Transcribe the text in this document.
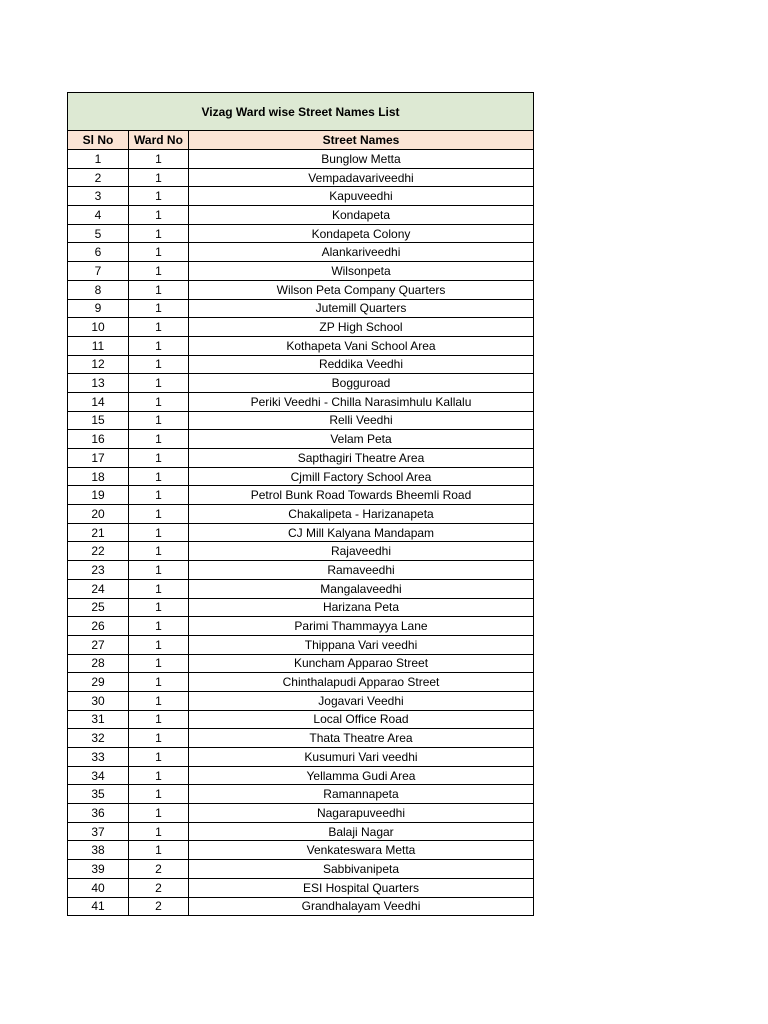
Vizag Ward wise Street Names List		
Sl No	Ward No	Street Names
1	1	Bunglow Metta
2	1	Vempadavariveedhi
3	1	Kapuveedhi
4	1	Kondapeta
5	1	Kondapeta Colony
6	1	Alankariveedhi
7	1	Wilsonpeta
8	1	Wilson Peta Company Quarters
9	1	Jutemill Quarters
10	1	ZP High School
11	1	Kothapeta Vani School Area
12	1	Reddika Veedhi
13	1	Bogguroad
14	1	Periki Veedhi - Chilla Narasimhulu Kallalu
15	1	Relli Veedhi
16	1	Velam Peta
17	1	Sapthagiri Theatre Area
18	1	Cjmill Factory School Area
19	1	Petrol Bunk Road Towards Bheemli Road
20	1	Chakalipeta - Harizanapeta
21	1	CJ Mill Kalyana Mandapam
22	1	Rajaveedhi
23	1	Ramaveedhi
24	1	Mangalaveedhi
25	1	Harizana Peta
26	1	Parimi Thammayya Lane
27	1	Thippana Vari veedhi
28	1	Kuncham Apparao Street
29	1	Chinthalapudi Apparao Street
30	1	Jogavari Veedhi
31	1	Local Office Road
32	1	Thata Theatre Area
33	1	Kusumuri Vari veedhi
34	1	Yellamma Gudi Area
35	1	Ramannapeta
36	1	Nagarapuveedhi
37	1	Balaji Nagar
38	1	Venkateswara Metta
39	2	Sabbivanipeta
40	2	ESI Hospital Quarters
41	2	Grandhalayam Veedhi
